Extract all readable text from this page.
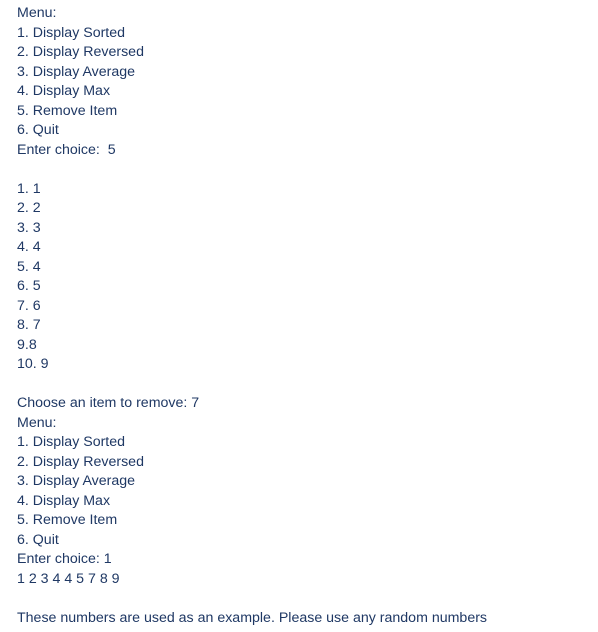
Menu:
1. Display Sorted
2. Display Reversed
3. Display Average
4. Display Max
5. Remove Item
6. Quit
Enter choice:  5
1. 1
2. 2
3. 3
4. 4
5. 4
6. 5
7. 6
8. 7
9.8
10. 9
Choose an item to remove: 7
Menu:
1. Display Sorted
2. Display Reversed
3. Display Average
4. Display Max
5. Remove Item
6. Quit
Enter choice: 1
1 2 3 4 4 5 7 8 9
These numbers are used as an example. Please use any random numbers
